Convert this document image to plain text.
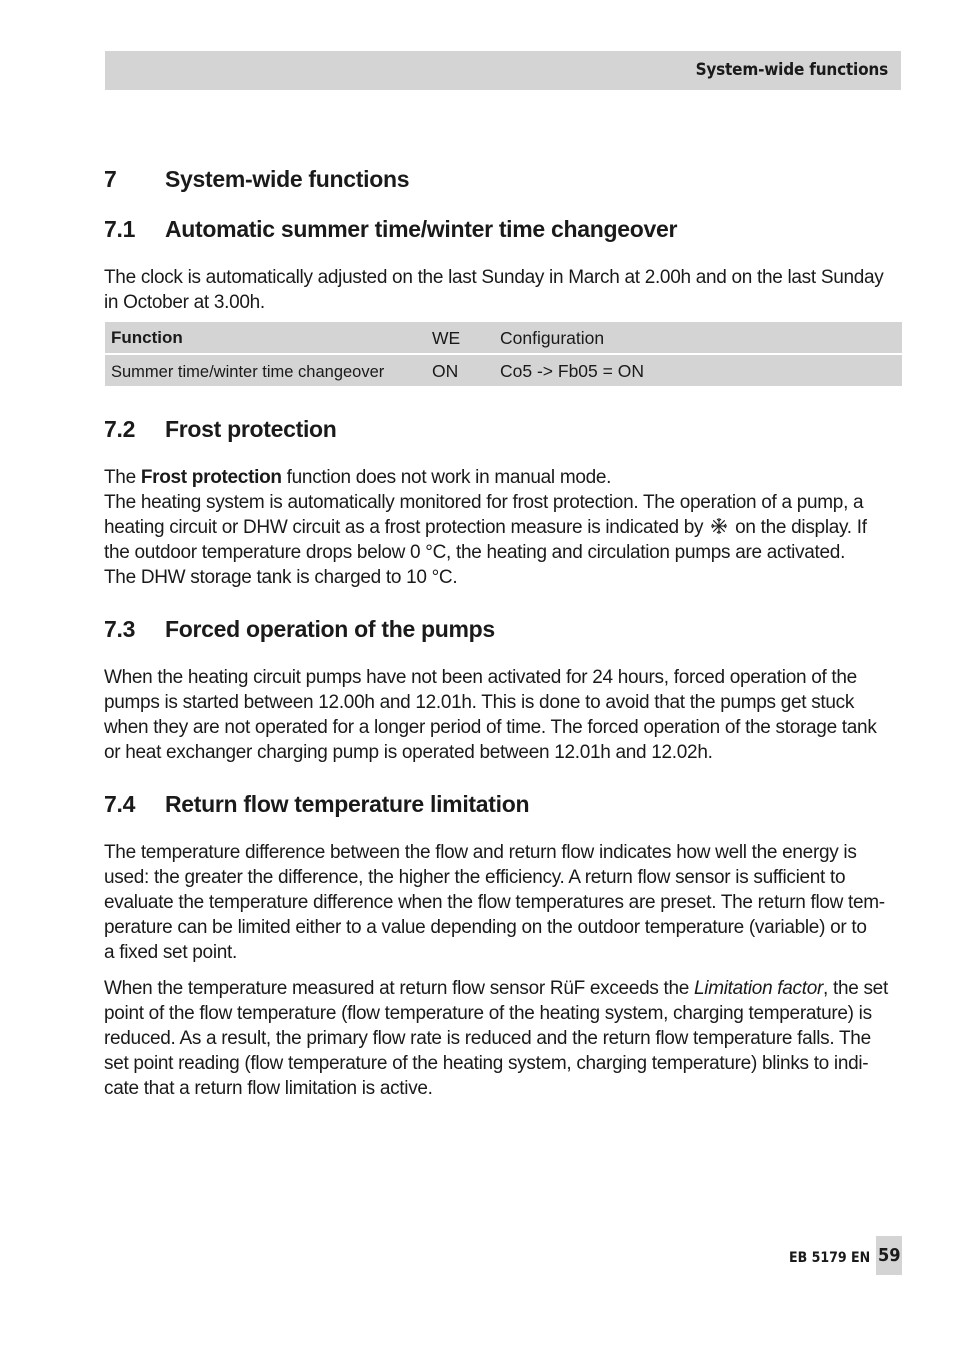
System-wide functions
7 System-wide functions
7.1 Automatic summer time/winter time changeover

The clock is automatically adjusted on the last Sunday in March at 2.00h and on the last Sunday
in October at 3.00h.

Function	WE Configuration
Summer time/winter time changeover	ON Co5 -> Fb05 = ON
7.2 Frost protection

The Frost protection function does not work in manual mode.
The heating system is automatically monitored for frost protection. The operation of a pump, a
heating circuit or DHW circuit as a frost protection measure is indicated by on the display. If
the outdoor temperature drops below 0 °C, the heating and circulation pumps are activated.
The DHW storage tank is charged to 10 °C.

7.3 Forced operation of the pumps

When the heating circuit pumps have not been activated for 24 hours, forced operation of the
pumps is started between 12.00h and 12.01h. This is done to avoid that the pumps get stuck
when they are not operated for a longer period of time. The forced operation of the storage tank
or heat exchanger charging pump is operated between 12.01h and 12.02h.

7.4 Return flow temperature limitation

The temperature difference between the flow and return flow indicates how well the energy is
used: the greater the difference, the higher the efficiency. A return flow sensor is sufficient to
evaluate the temperature difference when the flow temperatures are preset. The return flow tem-
perature can be limited either to a value depending on the outdoor temperature (variable) or to
a fixed set point.

When the temperature measured at return flow sensor RüF exceeds the Limitation factor, the set
point of the flow temperature (flow temperature of the heating system, charging temperature) is
reduced. As a result, the primary flow rate is reduced and the return flow temperature falls. The
set point reading (flow temperature of the heating system, charging temperature) blinks to indi-
cate that a return flow limitation is active.

EB 5179 EN 59
